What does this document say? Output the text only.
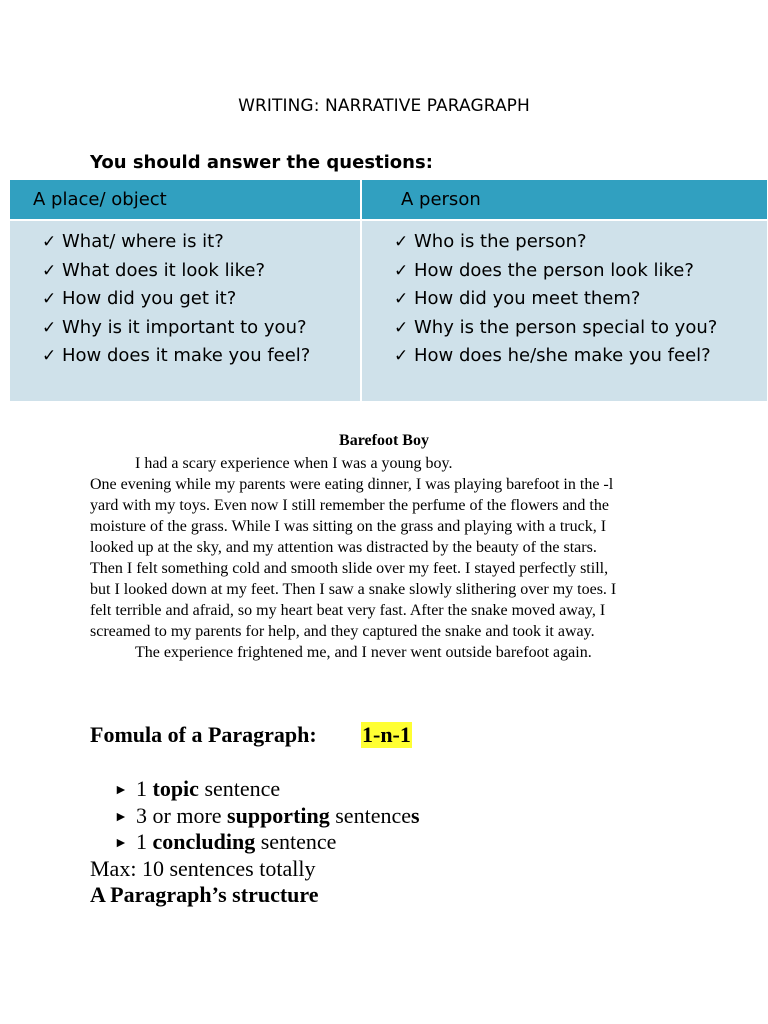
WRITING: NARRATIVE PARAGRAPH
You should answer the questions:
A place/ object	A person
✓ What/ where is it?
✓ What does it look like?
✓ How did you get it?
✓ Why is it important to you?
✓ How does it make you feel?
✓ Who is the person?
✓ How does the person look like?
✓ How did you meet them?
✓ Why is the person special to you?
✓ How does he/she make you feel?
Barefoot Boy
I had a scary experience when I was a young boy.
One evening while my parents were eating dinner, I was playing barefoot in the -l
yard with my toys. Even now I still remember the perfume of the flowers and the
moisture of the grass. While I was sitting on the grass and playing with a truck, I
looked up at the sky, and my attention was distracted by the beauty of the stars.
Then I felt something cold and smooth slide over my feet. I stayed perfectly still,
but I looked down at my feet. Then I saw a snake slowly slithering over my toes. I
felt terrible and afraid, so my heart beat very fast. After the snake moved away, I
screamed to my parents for help, and they captured the snake and took it away.
The experience frightened me, and I never went outside barefoot again.
Fomula of a Paragraph: 1-n-1
► 1 topic sentence
► 3 or more supporting sentences
► 1 concluding sentence
Max: 10 sentences totally
A Paragraph’s structure
